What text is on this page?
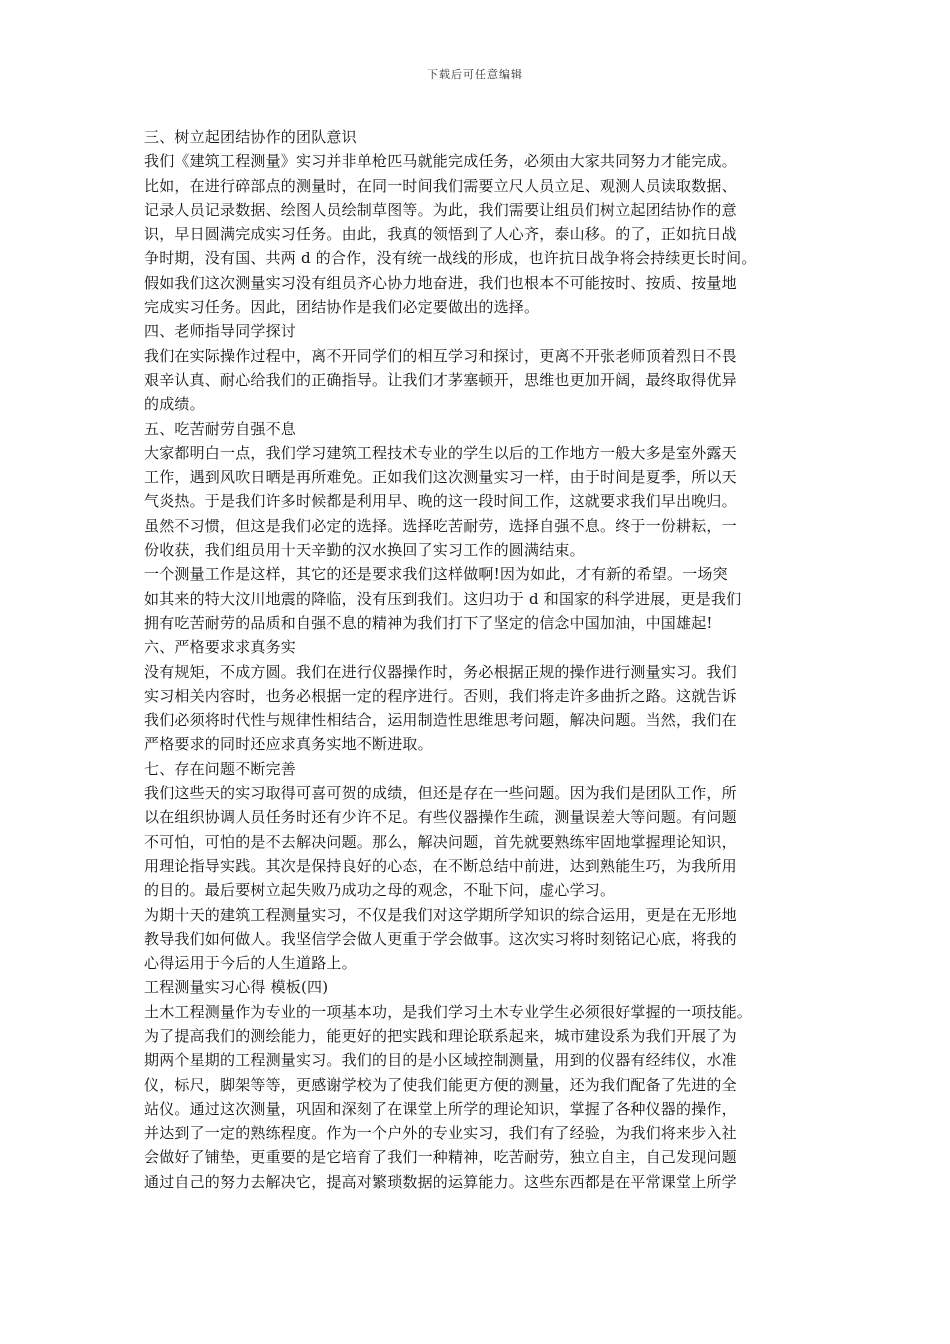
下载后可任意编辑
三、树立起团结协作的团队意识
我们《建筑工程测量》实习并非单枪匹马就能完成任务，必须由大家共同努力才能完成。
比如，在进行碎部点的测量时，在同一时间我们需要立尺人员立足、观测人员读取数据、
记录人员记录数据、绘图人员绘制草图等。为此，我们需要让组员们树立起团结协作的意
识，早日圆满完成实习任务。由此，我真的领悟到了人心齐，泰山移。的了，正如抗日战
争时期，没有国、共两 d 的合作，没有统一战线的形成，也许抗日战争将会持续更长时间。
假如我们这次测量实习没有组员齐心协力地奋进，我们也根本不可能按时、按质、按量地
完成实习任务。因此，团结协作是我们必定要做出的选择。
四、老师指导同学探讨
我们在实际操作过程中，离不开同学们的相互学习和探讨，更离不开张老师顶着烈日不畏
艰辛认真、耐心给我们的正确指导。让我们才茅塞顿开，思维也更加开阔，最终取得优异
的成绩。
五、吃苦耐劳自强不息
大家都明白一点，我们学习建筑工程技术专业的学生以后的工作地方一般大多是室外露天
工作，遇到风吹日晒是再所难免。正如我们这次测量实习一样，由于时间是夏季，所以天
气炎热。于是我们许多时候都是利用早、晚的这一段时间工作，这就要求我们早出晚归。
虽然不习惯，但这是我们必定的选择。选择吃苦耐劳，选择自强不息。终于一份耕耘，一
份收获，我们组员用十天辛勤的汉水换回了实习工作的圆满结束。
一个测量工作是这样，其它的还是要求我们这样做啊!因为如此，才有新的希望。一场突
如其来的特大汶川地震的降临，没有压到我们。这归功于 d 和国家的科学进展，更是我们
拥有吃苦耐劳的品质和自强不息的精神为我们打下了坚定的信念中国加油，中国雄起!
六、严格要求求真务实
没有规矩，不成方圆。我们在进行仪器操作时，务必根据正规的操作进行测量实习。我们
实习相关内容时，也务必根据一定的程序进行。否则，我们将走许多曲折之路。这就告诉
我们必须将时代性与规律性相结合，运用制造性思维思考问题，解决问题。当然，我们在
严格要求的同时还应求真务实地不断进取。
七、存在问题不断完善
我们这些天的实习取得可喜可贺的成绩，但还是存在一些问题。因为我们是团队工作，所
以在组织协调人员任务时还有少许不足。有些仪器操作生疏，测量误差大等问题。有问题
不可怕，可怕的是不去解决问题。那么，解决问题，首先就要熟练牢固地掌握理论知识，
用理论指导实践。其次是保持良好的心态，在不断总结中前进，达到熟能生巧，为我所用
的目的。最后要树立起失败乃成功之母的观念，不耻下问，虚心学习。
为期十天的建筑工程测量实习，不仅是我们对这学期所学知识的综合运用，更是在无形地
教导我们如何做人。我坚信学会做人更重于学会做事。这次实习将时刻铭记心底，将我的
心得运用于今后的人生道路上。
工程测量实习心得 模板(四)
土木工程测量作为专业的一项基本功，是我们学习土木专业学生必须很好掌握的一项技能。
为了提高我们的测绘能力，能更好的把实践和理论联系起来，城市建设系为我们开展了为
期两个星期的工程测量实习。我们的目的是小区域控制测量，用到的仪器有经纬仪，水准
仪，标尺，脚架等等，更感谢学校为了使我们能更方便的测量，还为我们配备了先进的全
站仪。通过这次测量，巩固和深刻了在课堂上所学的理论知识，掌握了各种仪器的操作，
并达到了一定的熟练程度。作为一个户外的专业实习，我们有了经验，为我们将来步入社
会做好了铺垫，更重要的是它培育了我们一种精神，吃苦耐劳，独立自主，自己发现问题
通过自己的努力去解决它，提高对繁琐数据的运算能力。这些东西都是在平常课堂上所学
